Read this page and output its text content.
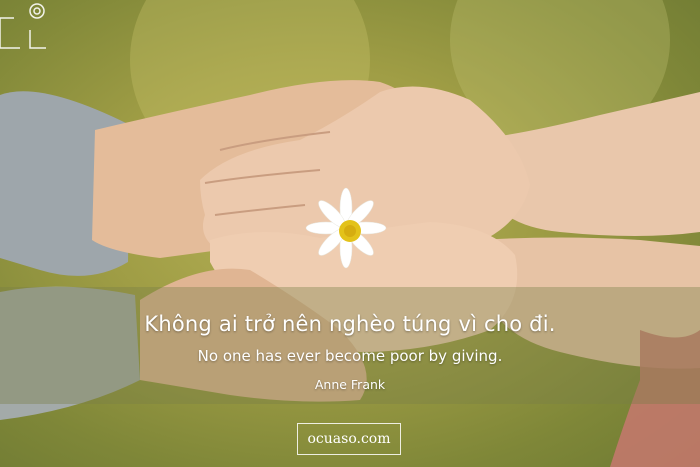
Không ai trở nên nghèo túng vì cho đi.
No one has ever become poor by giving.
Anne Frank
ocuaso.com
